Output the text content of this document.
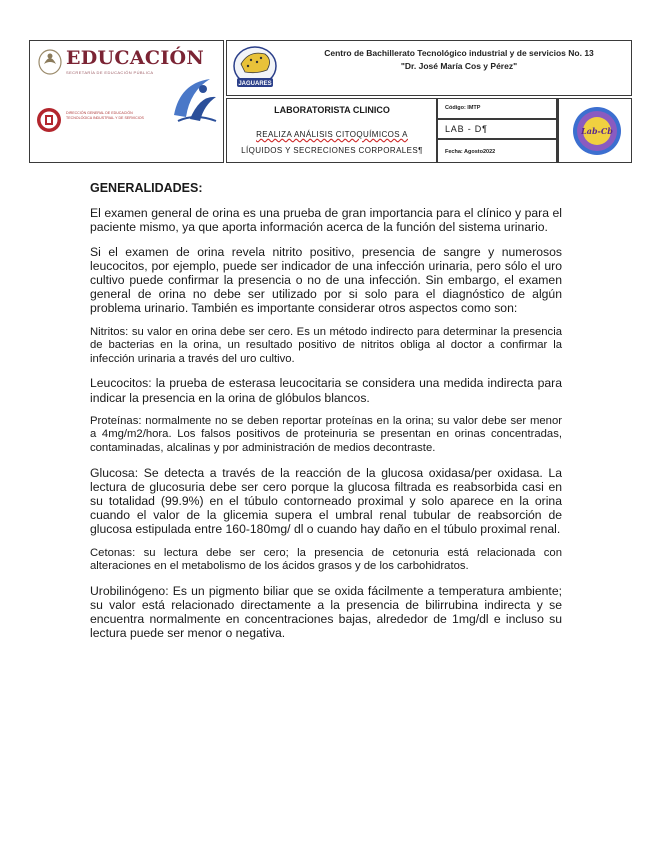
EDUCACIÓN
SECRETARÍA DE EDUCACIÓN PÚBLICA
DIRECCIÓN GENERAL DE EDUCACIÓN TECNOLÓGICA INDUSTRIAL Y DE SERVICIOS
JAGUARES
Centro de Bachillerato Tecnológico industrial y de servicios No. 13
"Dr. José María Cos y Pérez"
LABORATORISTA CLINICO
REALIZA ANÁLISIS CITOQUÍMICOS A
LÍQUIDOS Y SECRECIONES CORPORALES¶
Código: IMTP
LAB - D¶
Fecha: Agosto2022
Lab-Cb
GENERALIDADES:

El examen general de orina es una prueba de gran importancia para el clínico y para el paciente mismo, ya que aporta información acerca de la función del sistema urinario.

Si el examen de orina revela nitrito positivo, presencia de sangre y numerosos leucocitos, por ejemplo, puede ser indicador de una infección urinaria, pero sólo el uro cultivo puede confirmar la presencia o no de una infección. Sin embargo, el examen general de orina no debe ser utilizado por si solo para el diagnóstico de algún problema urinario. También es importante considerar otros aspectos como son:

Nitritos: su valor en orina debe ser cero. Es un método indirecto para determinar la presencia de bacterias en la orina, un resultado positivo de nitritos obliga al doctor a confirmar la infección urinaria a través del uro cultivo.

Leucocitos: la prueba de esterasa leucocitaria se considera una medida indirecta para indicar la presencia en la orina de glóbulos blancos.

Proteínas: normalmente no se deben reportar proteínas en la orina; su valor debe ser menor a 4mg/m2/hora. Los falsos positivos de proteinuria se presentan en orinas concentradas, contaminadas, alcalinas y por administración de medios decontraste.

Glucosa: Se detecta a través de la reacción de la glucosa oxidasa/per oxidasa. La lectura de glucosuria debe ser cero porque la glucosa filtrada es reabsorbida casi en su totalidad (99.9%) en el túbulo contorneado proximal y solo aparece en la orina cuando el valor de la glicemia supera el umbral renal tubular de reabsorción de glucosa estipulada entre 160-180mg/ dl o cuando hay daño en el túbulo proximal renal.

Cetonas: su lectura debe ser cero; la presencia de cetonuria está relacionada con alteraciones en el metabolismo de los ácidos grasos y de los carbohidratos.

Urobilinógeno: Es un pigmento biliar que se oxida fácilmente a temperatura ambiente; su valor está relacionado directamente a la presencia de bilirrubina indirecta y se encuentra normalmente en concentraciones bajas, alrededor de 1mg/dl e incluso su lectura puede ser menor o negativa.
